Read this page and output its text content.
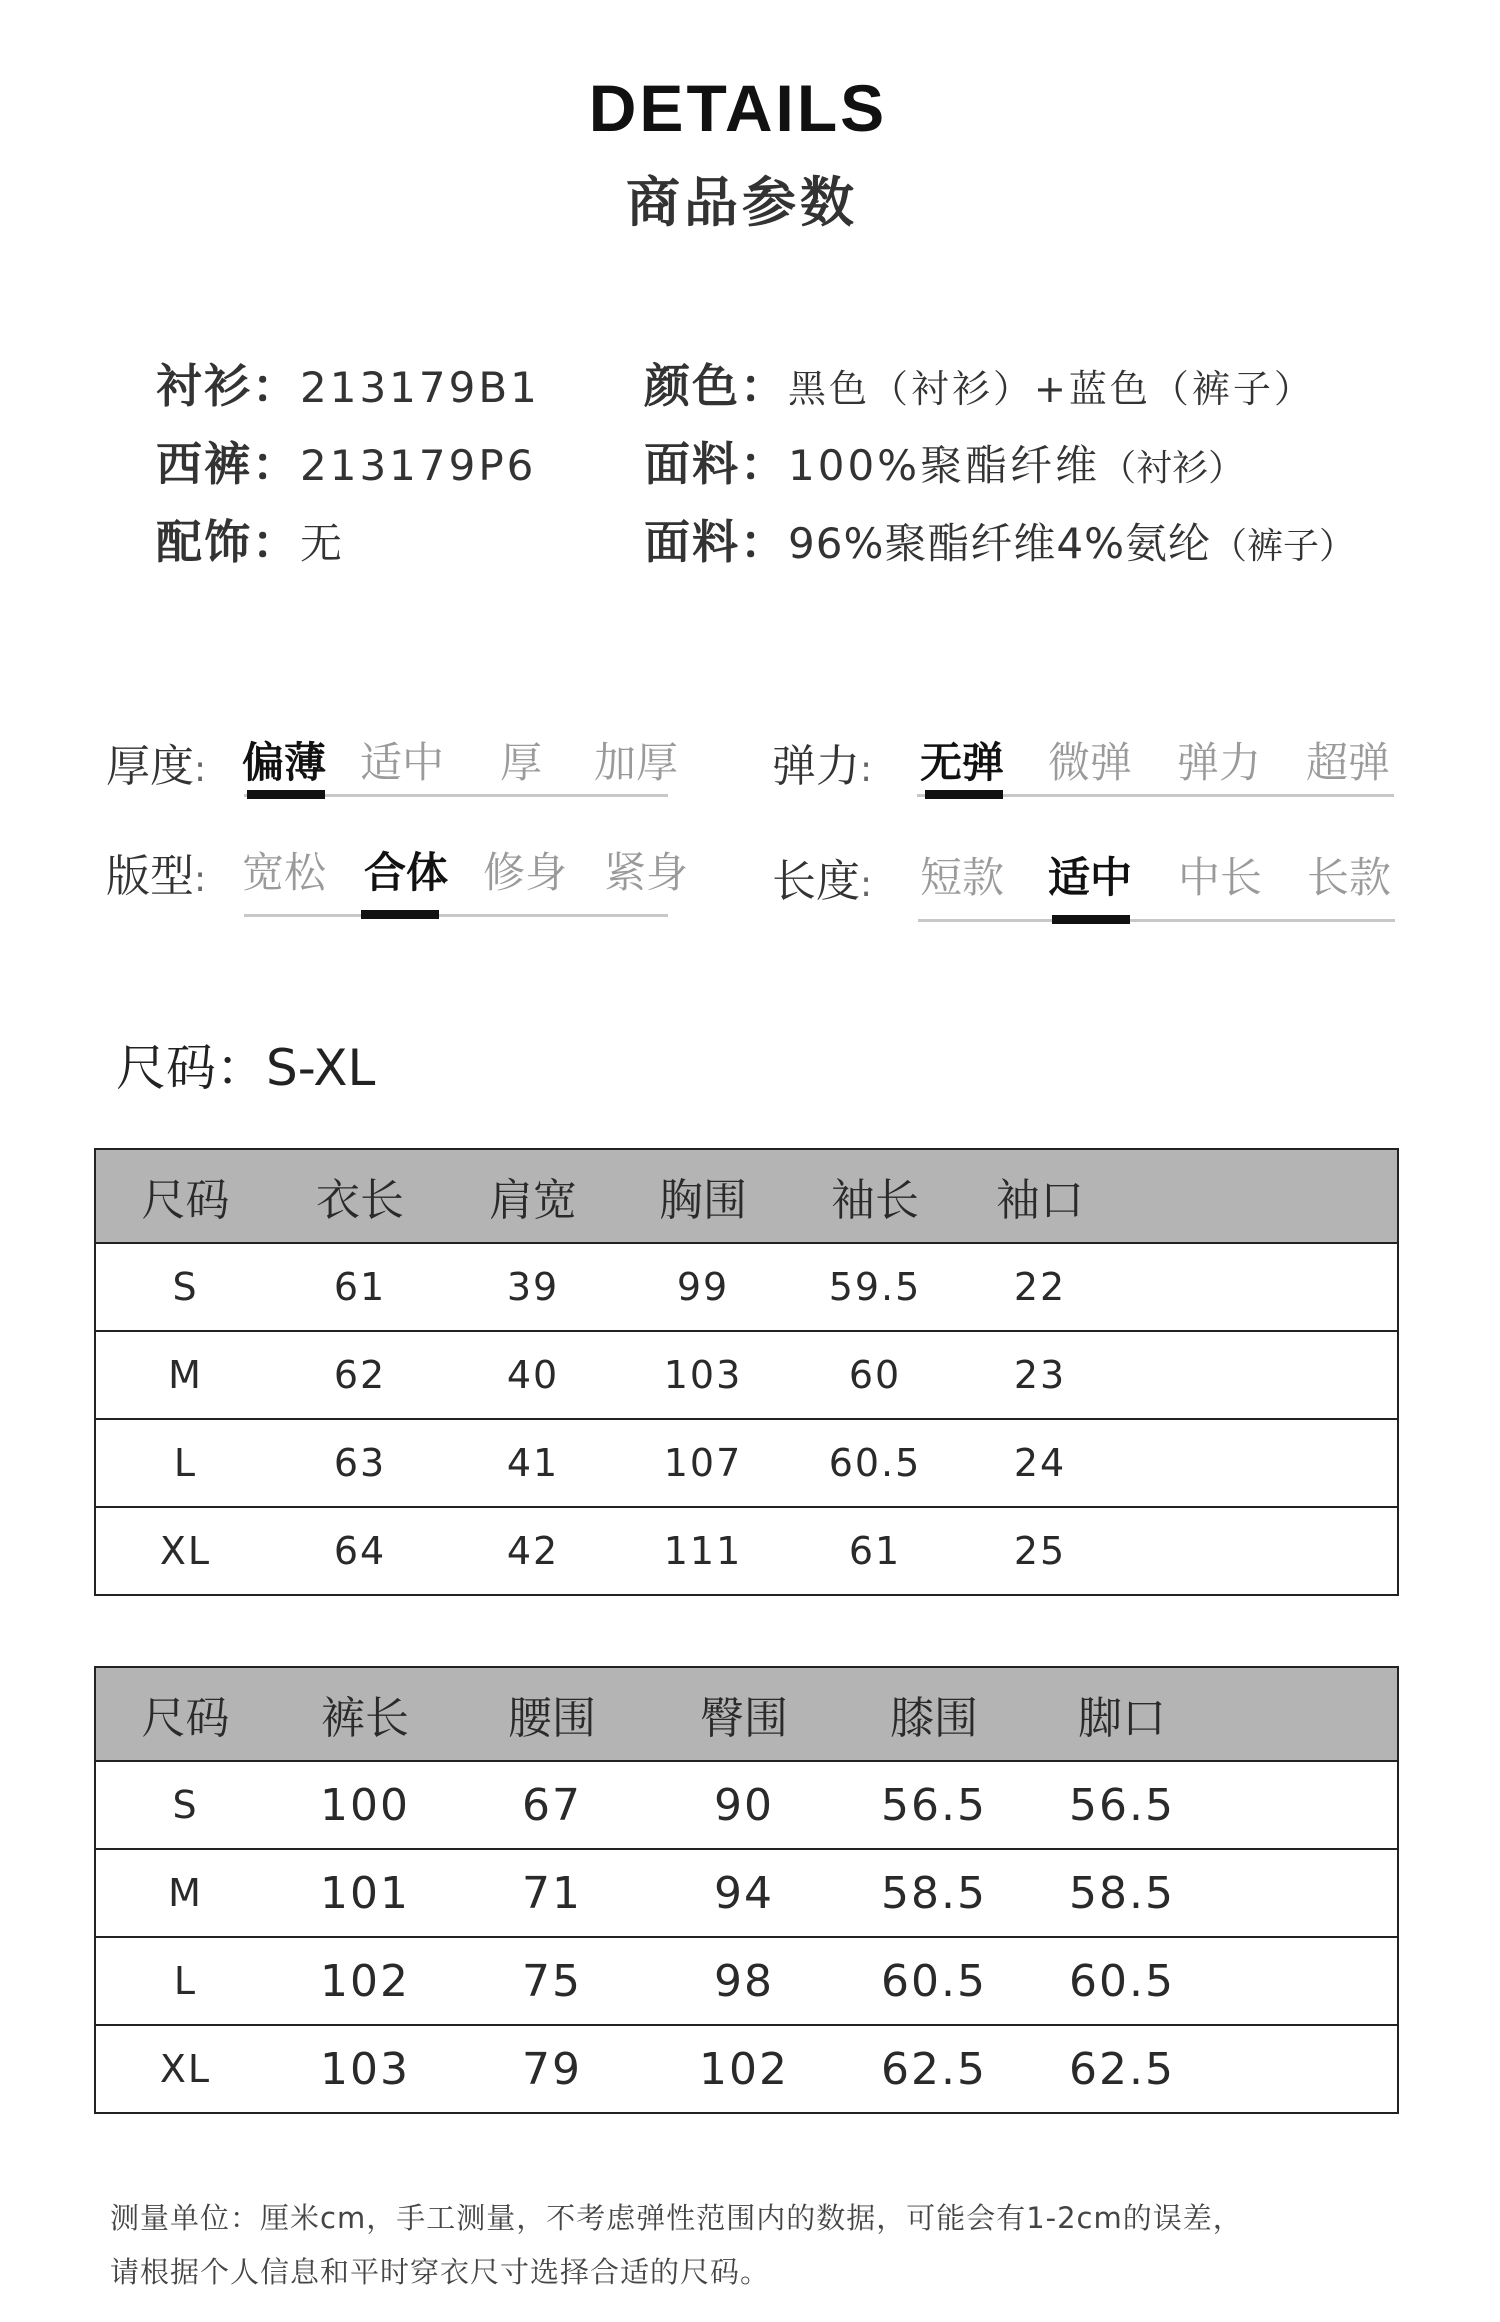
DETAILS
商品参数
衬衫：213179B1
西裤：213179P6
配饰：无
颜色：黑色（衬衫）+蓝色（裤子）
面料：100%聚酯纤维（衬衫）
面料：96%聚酯纤维4%氨纶（裤子）
厚度: 偏薄 适中	厚	加厚 弹力: 无弹 微弹 弹力 超弹
版型: 宽松 合体 修身 紧身 长度: 短款 适中 中长 长款
尺码：S-XL
尺码	衣长	肩宽	胸围	袖长	袖口	
S	61	39	99	59.5	22	
M	62	40	103	60	23	
L	63	41	107	60.5	24	
XL	64	42	111	61	25	
尺码	裤长	腰围	臀围	膝围	脚口	
S	100	67	90	56.5	56.5	
M	101	71	94	58.5	58.5	
L	102	75	98	60.5	60.5	
XL	103	79	102	62.5	62.5	
测量单位：厘米cm，手工测量，不考虑弹性范围内的数据，可能会有1-2cm的误差，
请根据个人信息和平时穿衣尺寸选择合适的尺码。
